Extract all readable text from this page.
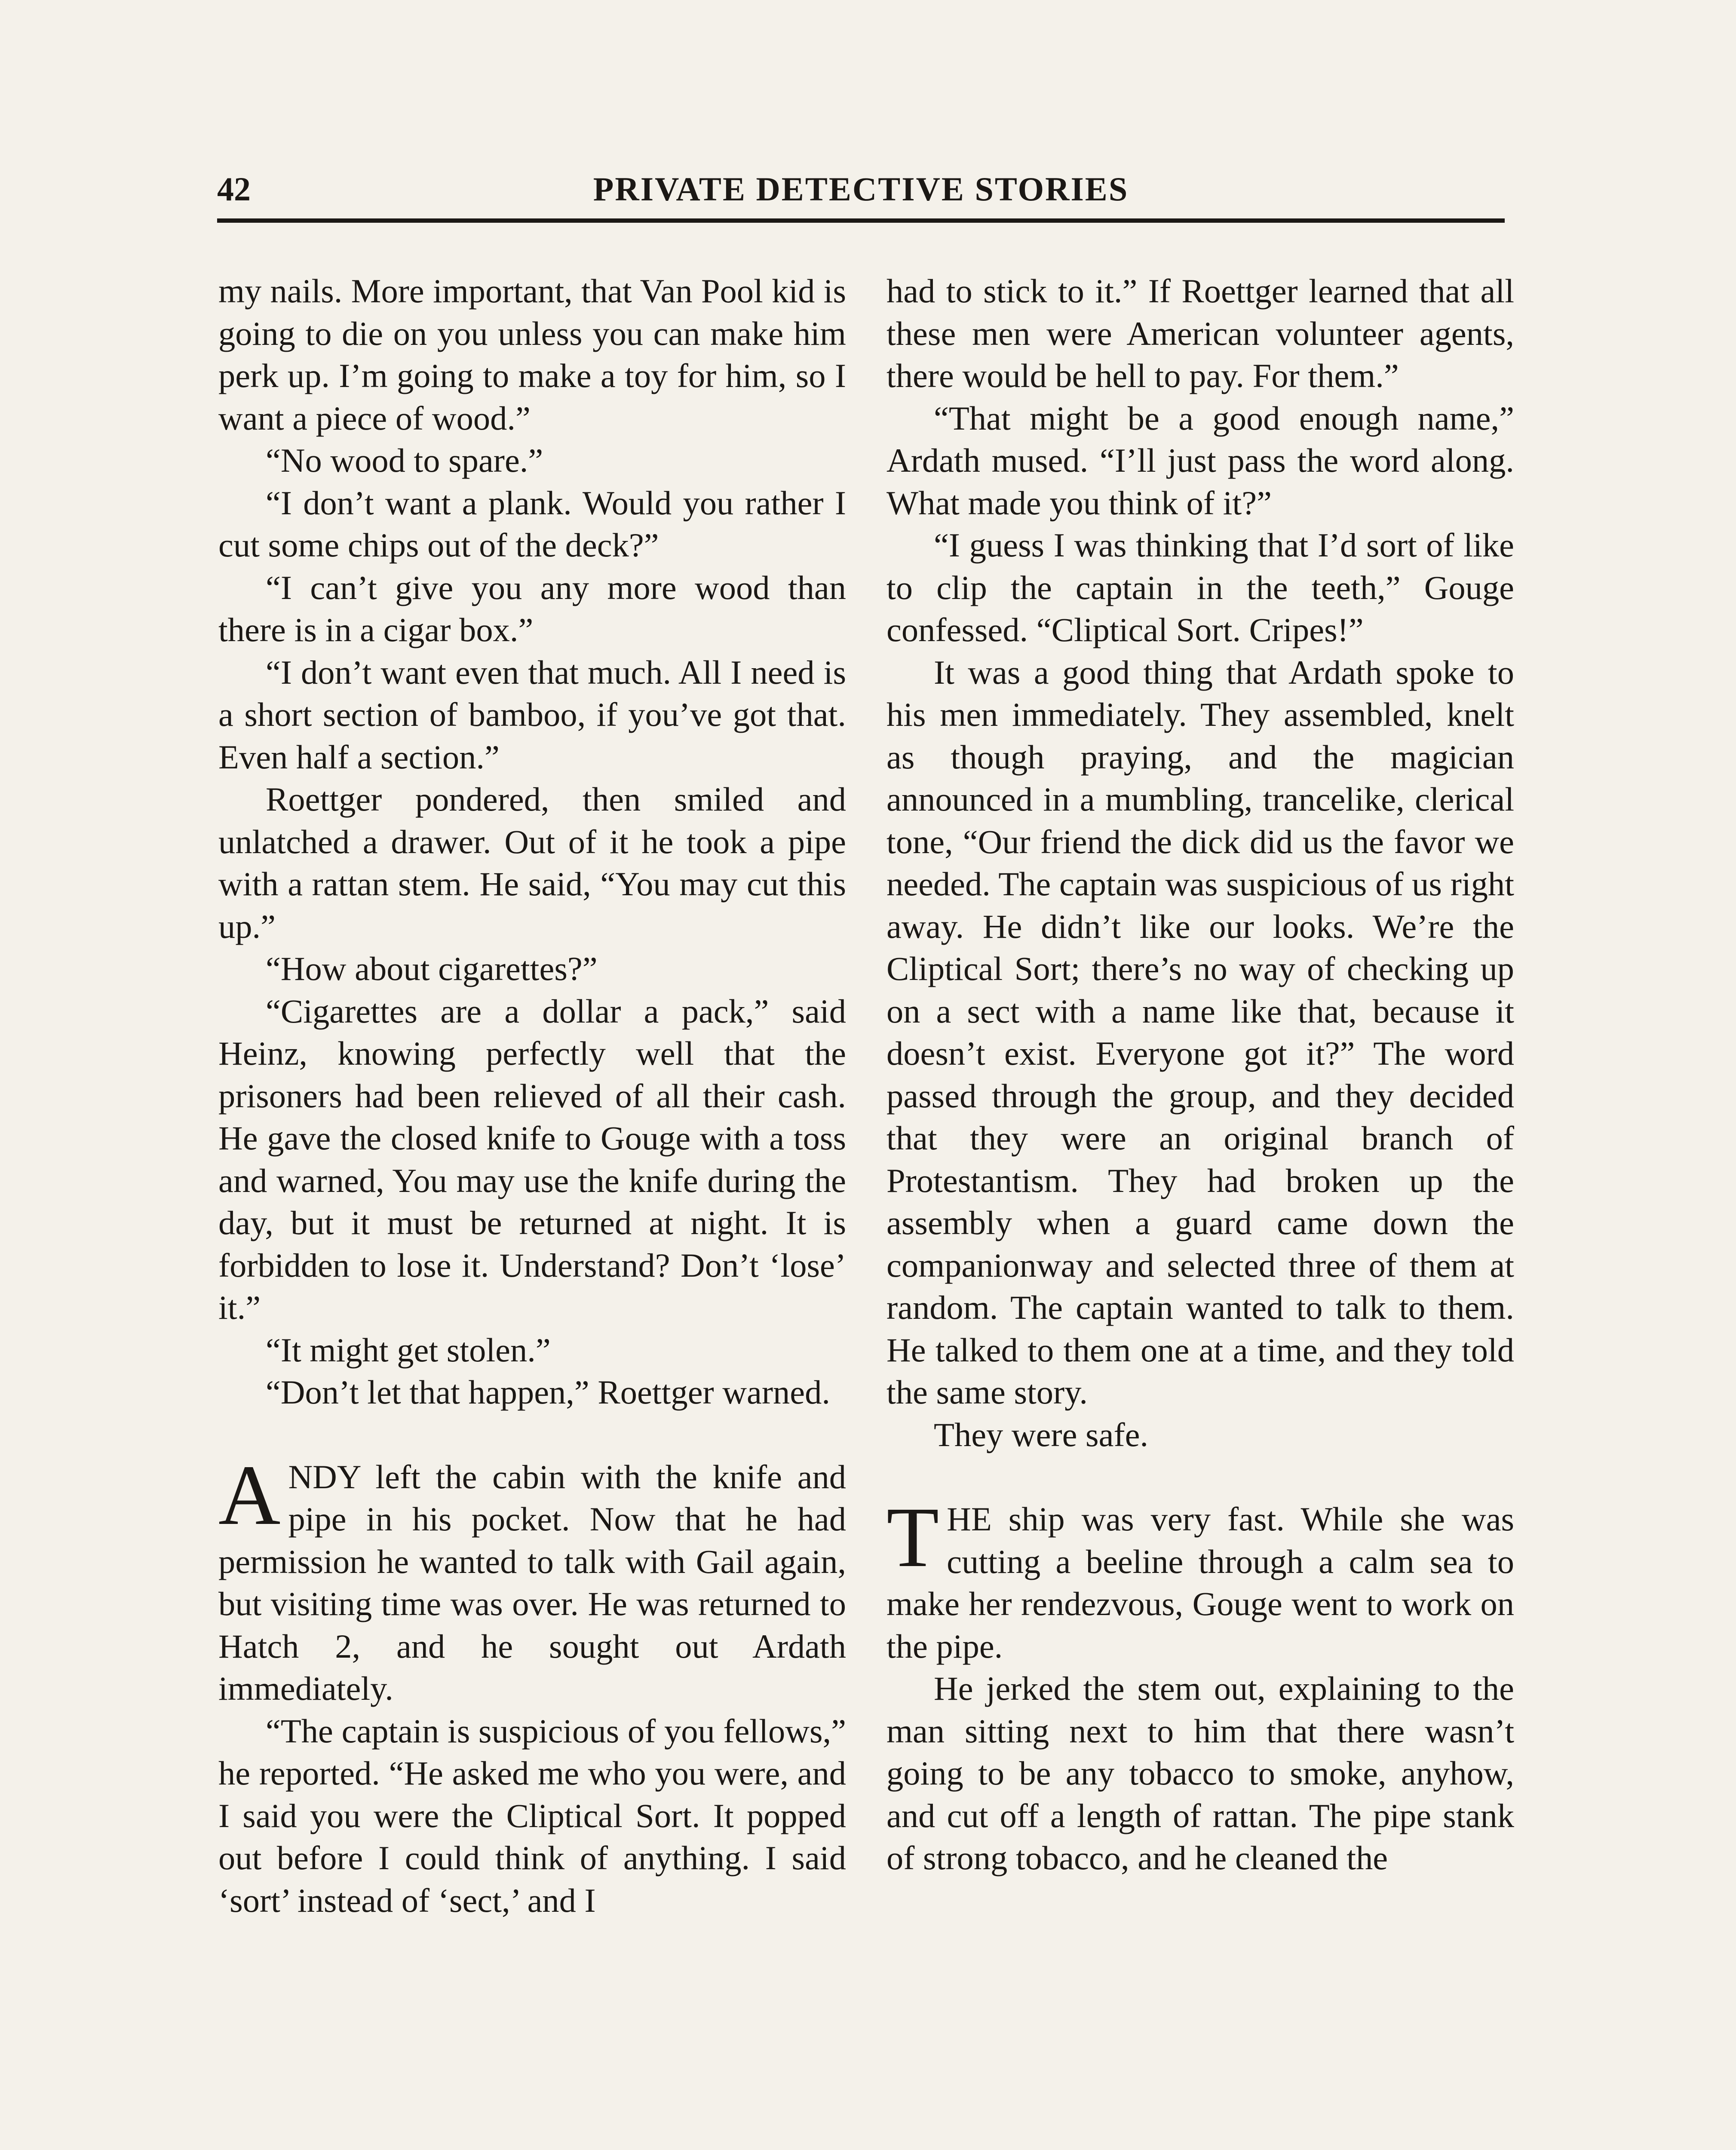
42	PRIVATE DETECTIVE STORIES

my nails. More important, that Van Pool kid is going to die on you unless you can make him perk up. I’m going to make a toy for him, so I want a piece of wood.”

“No wood to spare.”

“I don’t want a plank. Would you rather I cut some chips out of the deck?”

“I can’t give you any more wood than there is in a cigar box.”

“I don’t want even that much. All I need is a short section of bamboo, if you’ve got that. Even half a section.”

Roettger pondered, then smiled and unlatched a drawer. Out of it he took a pipe with a rattan stem. He said, “You may cut this up.”

“How about cigarettes?”

“Cigarettes are a dollar a pack,” said Heinz, knowing perfectly well that the prisoners had been relieved of all their cash. He gave the closed knife to Gouge with a toss and warned, You may use the knife during the day, but it must be returned at night. It is forbidden to lose it. Understand? Don’t ‘lose’ it.”

“It might get stolen.”

“Don’t let that happen,” Roettger warned.

ANDY left the cabin with the knife and pipe in his pocket. Now that he had permission he wanted to talk with Gail again, but visiting time was over. He was returned to Hatch 2, and he sought out Ardath immediately.

“The captain is suspicious of you fellows,” he reported. “He asked me who you were, and I said you were the Cliptical Sort. It popped out before I could think of anything. I said ‘sort’ instead of ‘sect,’ and I

had to stick to it.” If Roettger learned that all these men were American volunteer agents, there would be hell to pay. For them.”

“That might be a good enough name,” Ardath mused. “I’ll just pass the word along. What made you think of it?”

“I guess I was thinking that I’d sort of like to clip the captain in the teeth,” Gouge confessed. “Cliptical Sort. Cripes!”

It was a good thing that Ardath spoke to his men immediately. They assembled, knelt as though praying, and the magician announced in a mumbling, trancelike, clerical tone, “Our friend the dick did us the favor we needed. The captain was suspicious of us right away. He didn’t like our looks. We’re the Cliptical Sort; there’s no way of checking up on a sect with a name like that, because it doesn’t exist. Everyone got it?” The word passed through the group, and they decided that they were an original branch of Protestantism. They had broken up the assembly when a guard came down the companionway and selected three of them at random. The captain wanted to talk to them. He talked to them one at a time, and they told the same story.

They were safe.

THE ship was very fast. While she was cutting a beeline through a calm sea to make her rendezvous, Gouge went to work on the pipe.

He jerked the stem out, explaining to the man sitting next to him that there wasn’t going to be any tobacco to smoke, anyhow, and cut off a length of rattan. The pipe stank of strong tobacco, and he cleaned the
